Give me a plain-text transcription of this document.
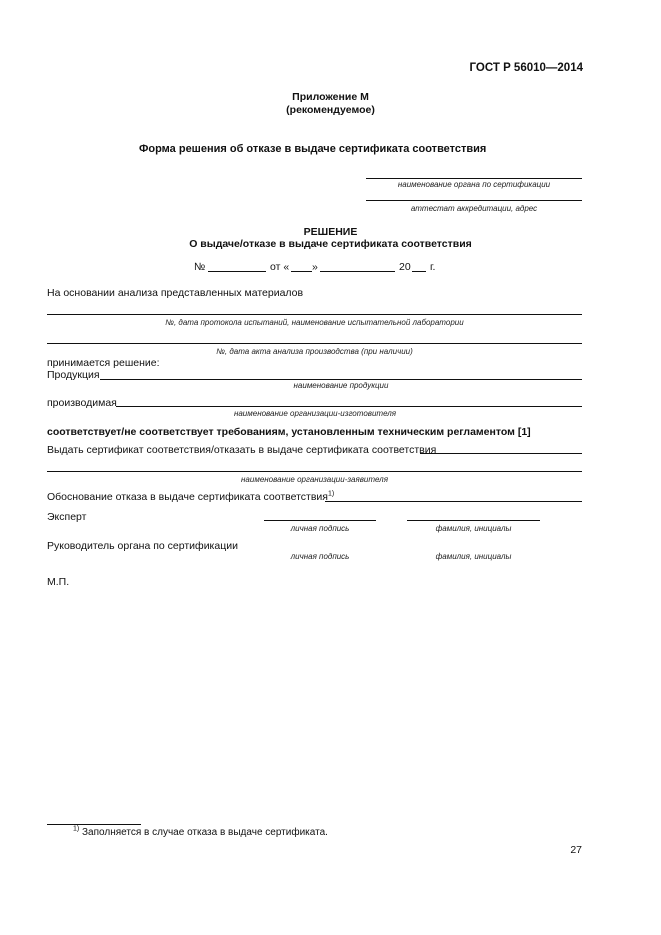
ГОСТ Р 56010—2014
Приложение М
(рекомендуемое)
Форма решения об отказе в выдаче сертификата соответствия
наименование органа по сертификации
аттестат аккредитации, адрес
РЕШЕНИЕ
О выдаче/отказе в выдаче сертификата соответствия
№	от « »	20 г.
На основании анализа представленных материалов
№, дата протокола испытаний, наименование испытательной лаборатории
№, дата акта анализа производства (при наличии)
принимается решение:
Продукция
наименование продукции
производимая
наименование организации-изготовителя
соответствует/не соответствует требованиям, установленным техническим регламентом [1]
Выдать сертификат соответствия/отказать в выдаче сертификата соответствия
наименование организации-заявителя
Обоснование отказа в выдаче сертификата соответствия$^{1)}$
Эксперт
личная подпись	фамилия, инициалы
Руководитель органа по сертификации
личная подпись	фамилия, инициалы
М.П.
$^{1)}$ Заполняется в случае отказа в выдаче сертификата.
27
